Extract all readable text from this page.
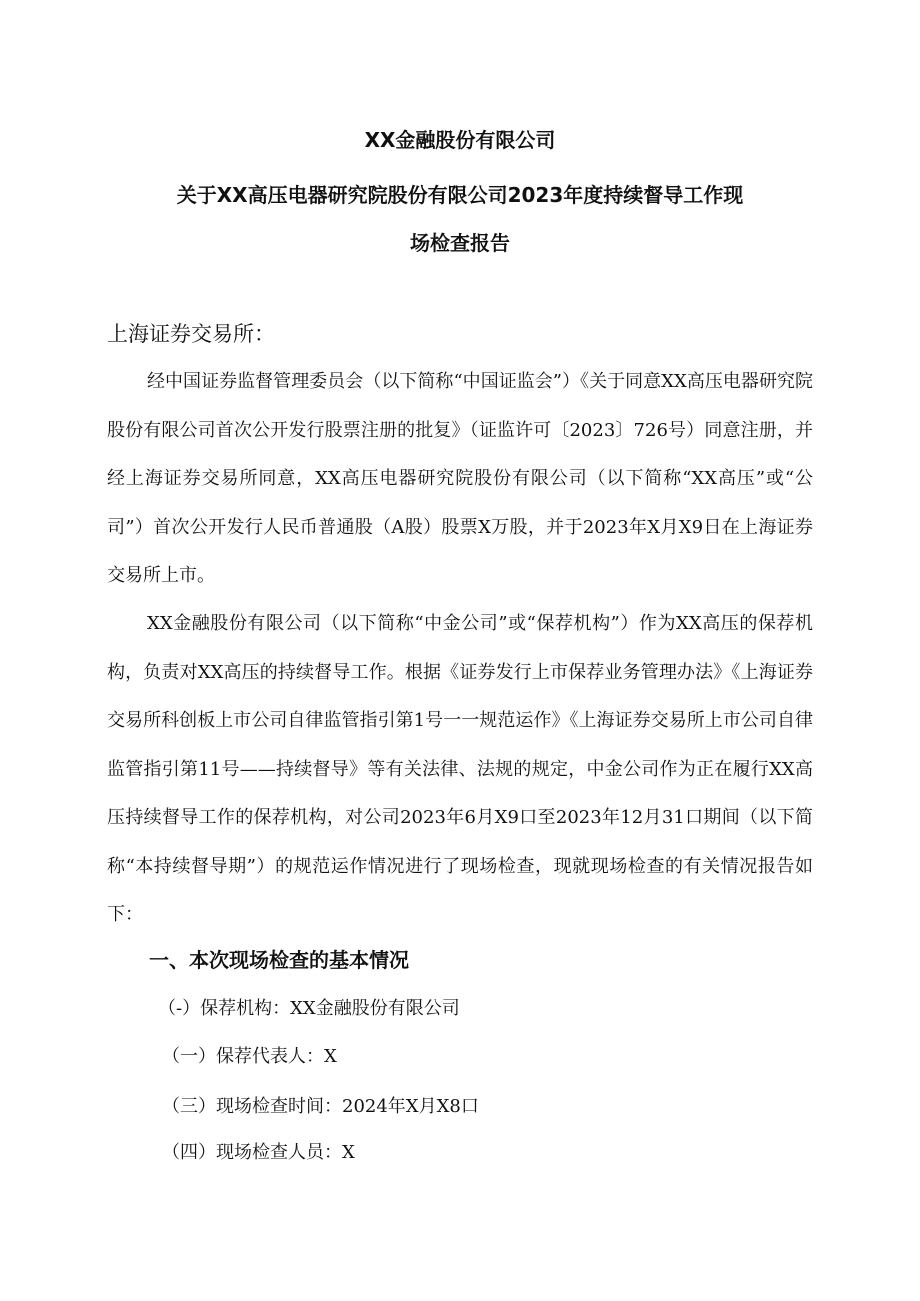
XX金融股份有限公司
关于XX高压电器研究院股份有限公司2023年度持续督导工作现
场检查报告

上海证券交易所：

经中国证券监督管理委员会（以下简称“中国证监会”）《关于同意XX高压电器研究院股份有限公司首次公开发行股票注册的批复》（证监许可〔2023〕726号）同意注册，并经上海证券交易所同意，XX高压电器研究院股份有限公司（以下简称“XX高压”或“公司”）首次公开发行人民币普通股（A股）股票X万股，并于2023年X月X9日在上海证券交易所上市。

XX金融股份有限公司（以下简称“中金公司”或“保荐机构”）作为XX高压的保荐机构，负责对XX高压的持续督导工作。根据《证券发行上市保荐业务管理办法》《上海证券交易所科创板上市公司自律监管指引第1号一一规范运作》《上海证券交易所上市公司自律监管指引第11号——持续督导》等有关法律、法规的规定，中金公司作为正在履行XX高压持续督导工作的保荐机构，对公司2023年6月X9口至2023年12月31口期间（以下简称“本持续督导期”）的规范运作情况进行了现场检查，现就现场检查的有关情况报告如下：

一、本次现场检查的基本情况

（-）保荐机构：XX金融股份有限公司

（一）保荐代表人：X

（三）现场检查时间：2024年X月X8口

（四）现场检查人员：X
